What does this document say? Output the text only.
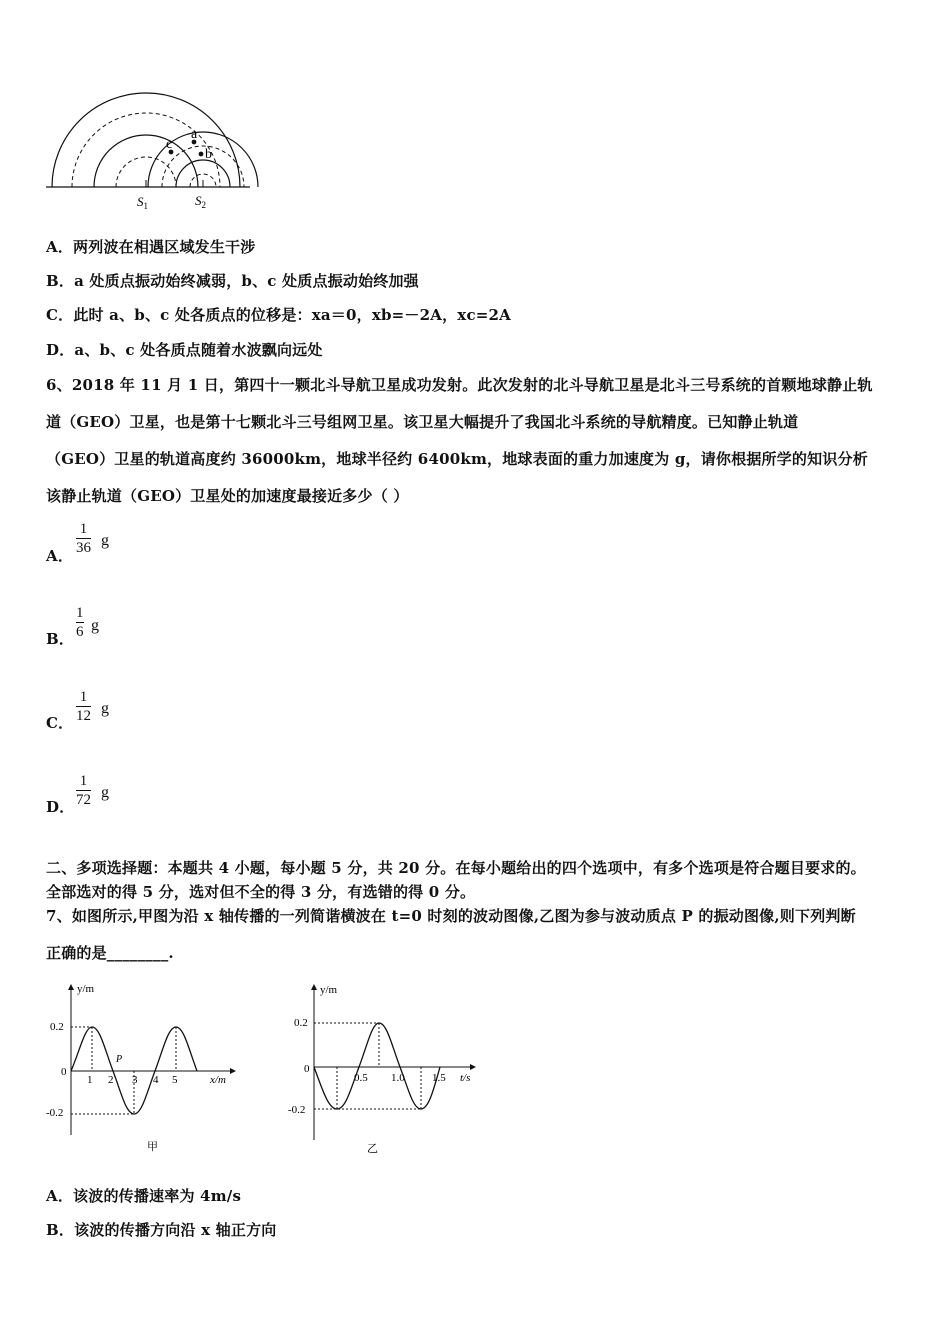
a
b
c
$S_1$	$S_2$
A．两列波在相遇区域发生干涉
B．a 处质点振动始终减弱，b、c 处质点振动始终加强
C．此时 a、b、c 处各质点的位移是：xa＝0，xb=－2A，xc=2A
D．a、b、c 处各质点随着水波飘向远处
6、2018 年 11 月 1 日，第四十一颗北斗导航卫星成功发射。此次发射的北斗导航卫星是北斗三号系统的首颗地球静止轨
道（GEO）卫星，也是第十七颗北斗三号组网卫星。该卫星大幅提升了我国北斗系统的导航精度。已知静止轨道
（GEO）卫星的轨道高度约 36000km，地球半径约 6400km，地球表面的重力加速度为 g，请你根据所学的知识分析
该静止轨道（GEO）卫星处的加速度最接近多少（ ）
A．
1
36 g
B．
1
6 g
C．
1
12 g
D．
1
72 g
二、多项选择题：本题共 4 小题，每小题 5 分，共 20 分。在每小题给出的四个选项中，有多个选项是符合题目要求的。
全部选对的得 5 分，选对但不全的得 3 分，有选错的得 0 分。
7、如图所示,甲图为沿 x 轴传播的一列简谐横波在 t=0 时刻的波动图像,乙图为参与波动质点 P 的振动图像,则下列判断
正确的是________.
y/m
x/m
0.2
0
-0.2
1 2 3 4 5
P
甲
y/m
t/s
0.2
0
-0.2
0.5 1.0 1.5
乙
A．该波的传播速率为 4m/s
B．该波的传播方向沿 x 轴正方向
